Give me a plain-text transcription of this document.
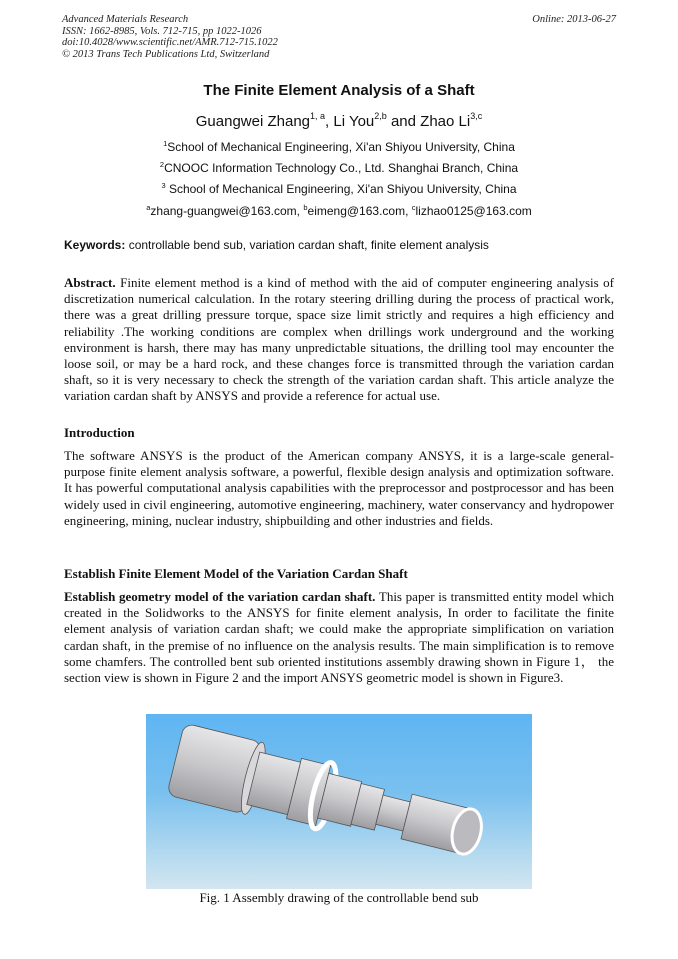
Advanced Materials Research
ISSN: 1662-8985, Vols. 712-715, pp 1022-1026
doi:10.4028/www.scientific.net/AMR.712-715.1022
© 2013 Trans Tech Publications Ltd, Switzerland
Online: 2013-06-27
The Finite Element Analysis of a Shaft
Guangwei Zhang$^{1, a}$, Li You$^{2,b}$ and Zhao Li$^{3,c}$
$^1$School of Mechanical Engineering, Xi'an Shiyou University, China
$^2$CNOOC Information Technology Co., Ltd. Shanghai Branch, China
$^3$ School of Mechanical Engineering, Xi'an Shiyou University, China
$^a$zhang-guangwei@163.com, $^b$eimeng@163.com, $^c$lizhao0125@163.com
Keywords: controllable bend sub, variation cardan shaft, finite element analysis
Abstract. Finite element method is a kind of method with the aid of computer engineering analysis of discretization numerical calculation. In the rotary steering drilling during the process of practical work, there was a great drilling pressure torque, space size limit strictly and requires a high efficiency and reliability .The working conditions are complex when drillings work underground and the working environment is harsh, there may has many unpredictable situations, the drilling tool may encounter the loose soil, or may be a hard rock, and these changes force is transmitted through the variation cardan shaft, so it is very necessary to check the strength of the variation cardan shaft. This article analyze the variation cardan shaft by ANSYS and provide a reference for actual use.
Introduction
The software ANSYS is the product of the American company ANSYS, it is a large-scale general-purpose finite element analysis software, a powerful, flexible design analysis and optimization software. It has powerful computational analysis capabilities with the preprocessor and postprocessor and has been widely used in civil engineering, automotive engineering, machinery, water conservancy and hydropower engineering, mining, nuclear industry, shipbuilding and other industries and fields.
Establish Finite Element Model of the Variation Cardan Shaft
Establish geometry model of the variation cardan shaft. This paper is transmitted entity model which created in the Solidworks to the ANSYS for finite element analysis, In order to facilitate the finite element analysis of variation cardan shaft; we could make the appropriate simplification on variation cardan shaft, in the premise of no influence on the analysis results. The main simplification is to remove some chamfers. The controlled bent sub oriented institutions assembly drawing shown in Figure 1， the section view is shown in Figure 2 and the import ANSYS geometric model is shown in Figure3.
Fig. 1 Assembly drawing of the controllable bend sub
